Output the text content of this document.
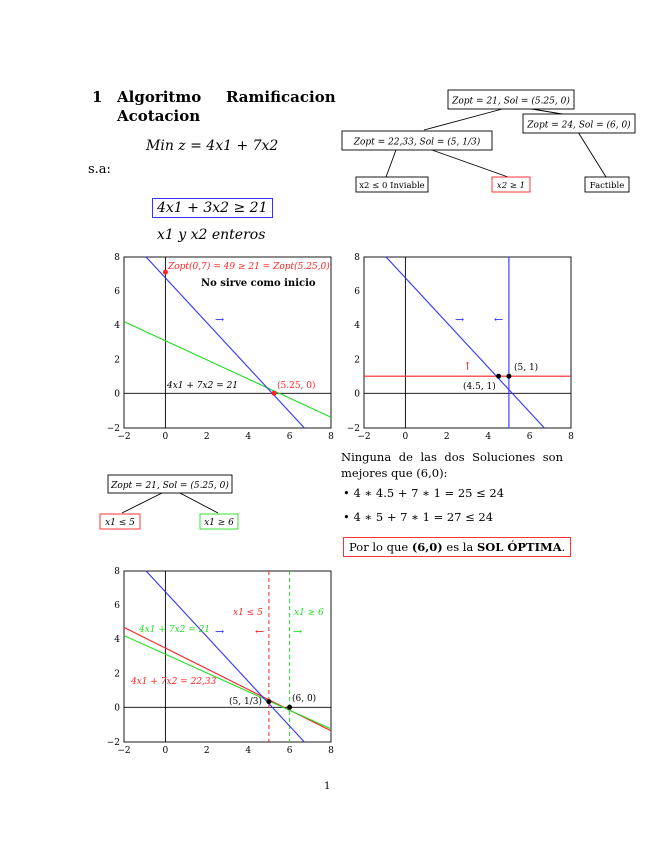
1 Algoritmo Ramificacion
Acotacion
Min z = 4x1 + 7x2
s.a:
4x1 + 3x2 ≥ 21
x1 y x2 enteros
Zopt = 21, Sol = (5.25, 0)
Zopt = 24, Sol = (6, 0)
Zopt = 22,33, Sol = (5, 1/3)
x2 ≤ 0 Inviable	x2 ≥ 1	Factible
Zopt(0,7) = 49 ≥ 21 = Zopt(5.25,0)
No sirve como inicio
→
4x1 + 7x2 = 21	(5.25, 0)
−2	0	2	4	6	8
−2
0
2
4
6
8
→	←
↑
(4.5, 1)
(5, 1)
−2	0	2	4	6	8
−2
0
2
4
6
8
Zopt = 21, Sol = (5.25, 0)
x1 ≤ 5	x1 ≥ 6
x1 ≤ 5	x1 ≥ 6
←	→
→
4x1 + 7x2 = 21
4x1 + 7x2 = 22,33
(5, 1/3)	(6, 0)
−2	0	2	4	6	8
−2
0
2
4
6
8
Ninguna de las dos Soluciones son mejores que (6,0):
• 4 ∗ 4.5 + 7 ∗ 1 = 25 ≤ 24
• 4 ∗ 5 + 7 ∗ 1 = 27 ≤ 24
Por lo que (6,0) es la SOL ÓPTIMA.
1
